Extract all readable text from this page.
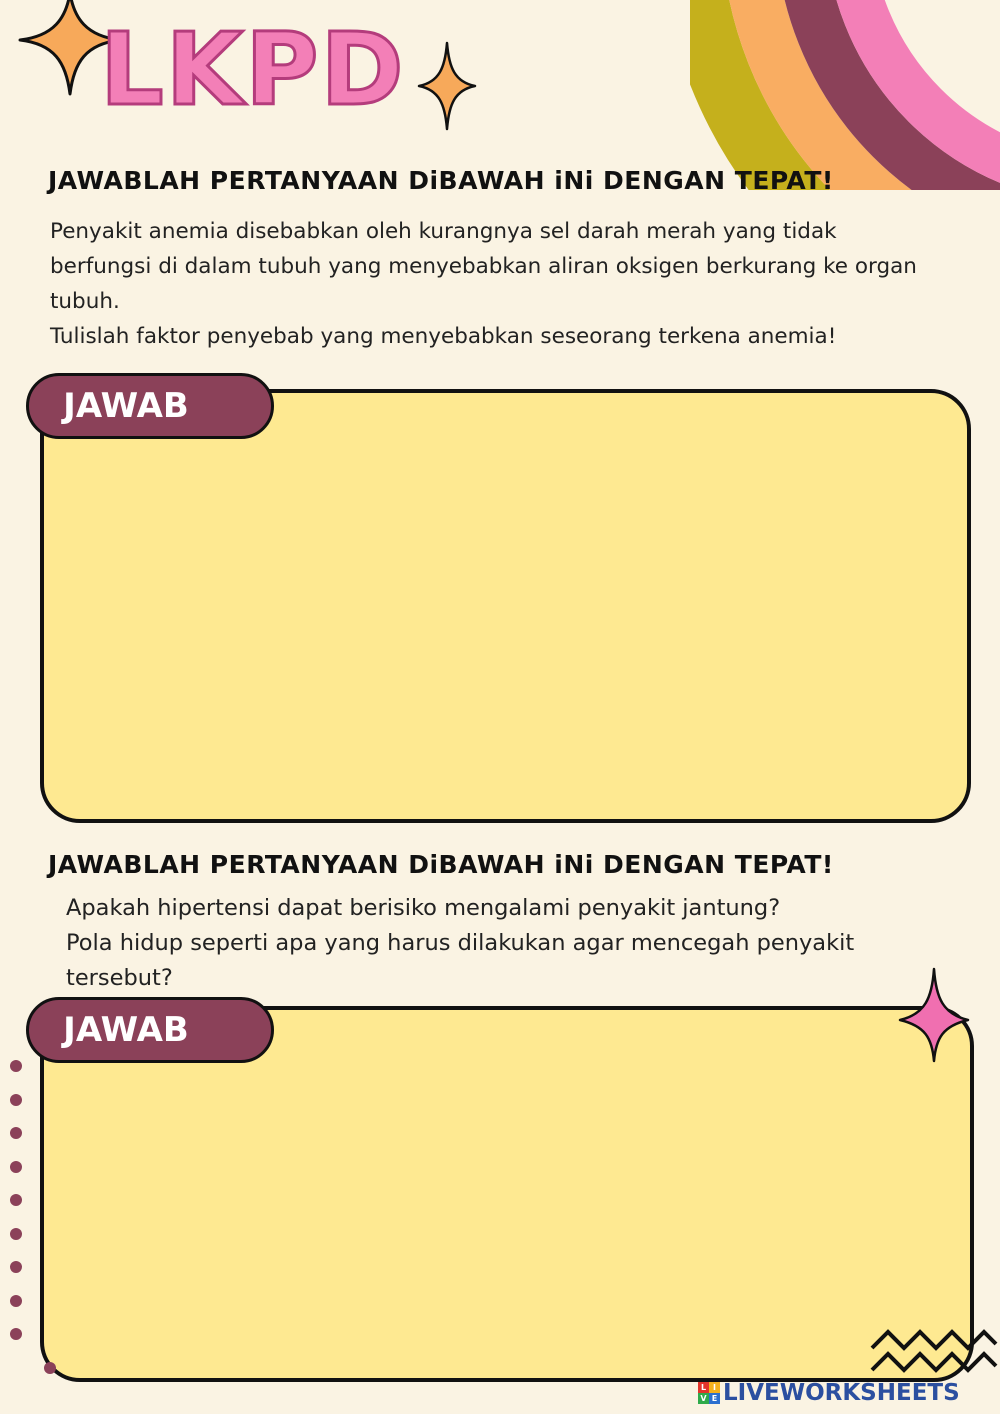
LKPD
JAWABLAH PERTANYAAN DiBAWAH iNi DENGAN TEPAT!
Penyakit anemia disebabkan oleh kurangnya sel darah merah yang tidak
berfungsi di dalam tubuh yang menyebabkan aliran oksigen berkurang ke organ
tubuh.
Tulislah faktor penyebab yang menyebabkan seseorang terkena anemia!
JAWAB
JAWABLAH PERTANYAAN DiBAWAH iNi DENGAN TEPAT!
Apakah hipertensi dapat berisiko mengalami penyakit jantung?
Pola hidup seperti apa yang harus dilakukan agar mencegah penyakit
tersebut?
JAWAB
L I
V E LIVEWORKSHEETS
